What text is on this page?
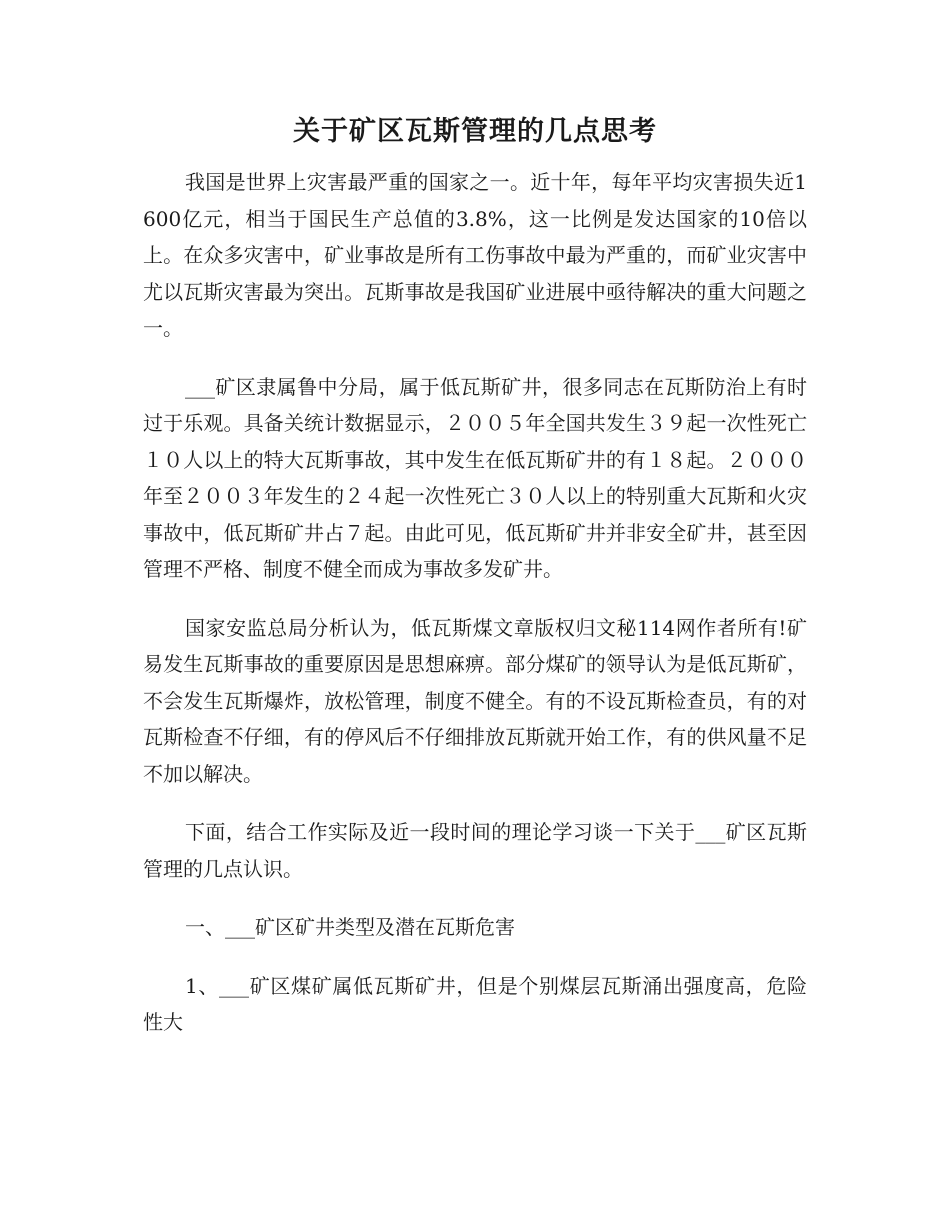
关于矿区瓦斯管理的几点思考

我国是世界上灾害最严重的国家之一。近十年，每年平均灾害损失近1600亿元，相当于国民生产总值的3.8%，这一比例是发达国家的10倍以上。在众多灾害中，矿业事故是所有工伤事故中最为严重的，而矿业灾害中尤以瓦斯灾害最为突出。瓦斯事故是我国矿业进展中亟待解决的重大问题之一。

___矿区隶属鲁中分局，属于低瓦斯矿井，很多同志在瓦斯防治上有时过于乐观。具备关统计数据显示，２００５年全国共发生３９起一次性死亡１０人以上的特大瓦斯事故，其中发生在低瓦斯矿井的有１８起。２０００年至２００３年发生的２４起一次性死亡３０人以上的特别重大瓦斯和火灾事故中，低瓦斯矿井占７起。由此可见，低瓦斯矿井并非安全矿井，甚至因管理不严格、制度不健全而成为事故多发矿井。

国家安监总局分析认为，低瓦斯煤文章版权归文秘114网作者所有!矿易发生瓦斯事故的重要原因是思想麻痹。部分煤矿的领导认为是低瓦斯矿，不会发生瓦斯爆炸，放松管理，制度不健全。有的不设瓦斯检查员，有的对瓦斯检查不仔细，有的停风后不仔细排放瓦斯就开始工作，有的供风量不足不加以解决。

下面，结合工作实际及近一段时间的理论学习谈一下关于___矿区瓦斯管理的几点认识。

一、___矿区矿井类型及潜在瓦斯危害

1、___矿区煤矿属低瓦斯矿井，但是个别煤层瓦斯涌出强度高，危险性大
